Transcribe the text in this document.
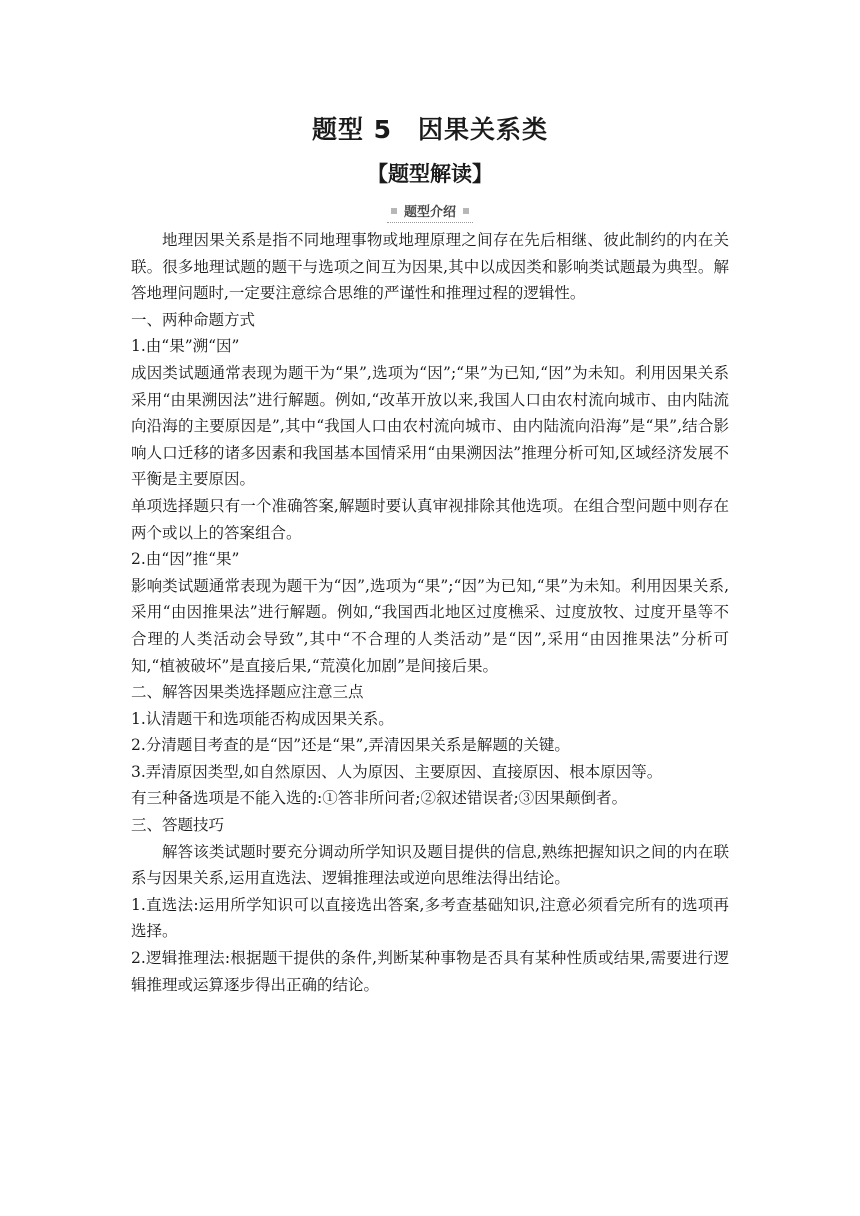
题型 5　因果关系类
【题型解读】
题型介绍

地理因果关系是指不同地理事物或地理原理之间存在先后相继、彼此制约的内在关联。很多地理试题的题干与选项之间互为因果,其中以成因类和影响类试题最为典型。解答地理问题时,一定要注意综合思维的严谨性和推理过程的逻辑性。

一、两种命题方式

1.由“果”溯“因”

成因类试题通常表现为题干为“果”,选项为“因”;“果”为已知,“因”为未知。利用因果关系采用“由果溯因法”进行解题。例如,“改革开放以来,我国人口由农村流向城市、由内陆流向沿海的主要原因是”,其中“我国人口由农村流向城市、由内陆流向沿海”是“果”,结合影响人口迁移的诸多因素和我国基本国情采用“由果溯因法”推理分析可知,区域经济发展不平衡是主要原因。

单项选择题只有一个准确答案,解题时要认真审视排除其他选项。在组合型问题中则存在两个或以上的答案组合。

2.由“因”推“果”

影响类试题通常表现为题干为“因”,选项为“果”;“因”为已知,“果”为未知。利用因果关系,采用“由因推果法”进行解题。例如,“我国西北地区过度樵采、过度放牧、过度开垦等不合理的人类活动会导致”,其中“不合理的人类活动”是“因”,采用“由因推果法”分析可知,“植被破坏”是直接后果,“荒漠化加剧”是间接后果。

二、解答因果类选择题应注意三点

1.认清题干和选项能否构成因果关系。

2.分清题目考查的是“因”还是“果”,弄清因果关系是解题的关键。

3.弄清原因类型,如自然原因、人为原因、主要原因、直接原因、根本原因等。

有三种备选项是不能入选的:①答非所问者;②叙述错误者;③因果颠倒者。

三、答题技巧

解答该类试题时要充分调动所学知识及题目提供的信息,熟练把握知识之间的内在联系与因果关系,运用直选法、逻辑推理法或逆向思维法得出结论。

1.直选法:运用所学知识可以直接选出答案,多考查基础知识,注意必须看完所有的选项再选择。

2.逻辑推理法:根据题干提供的条件,判断某种事物是否具有某种性质或结果,需要进行逻辑推理或运算逐步得出正确的结论。
